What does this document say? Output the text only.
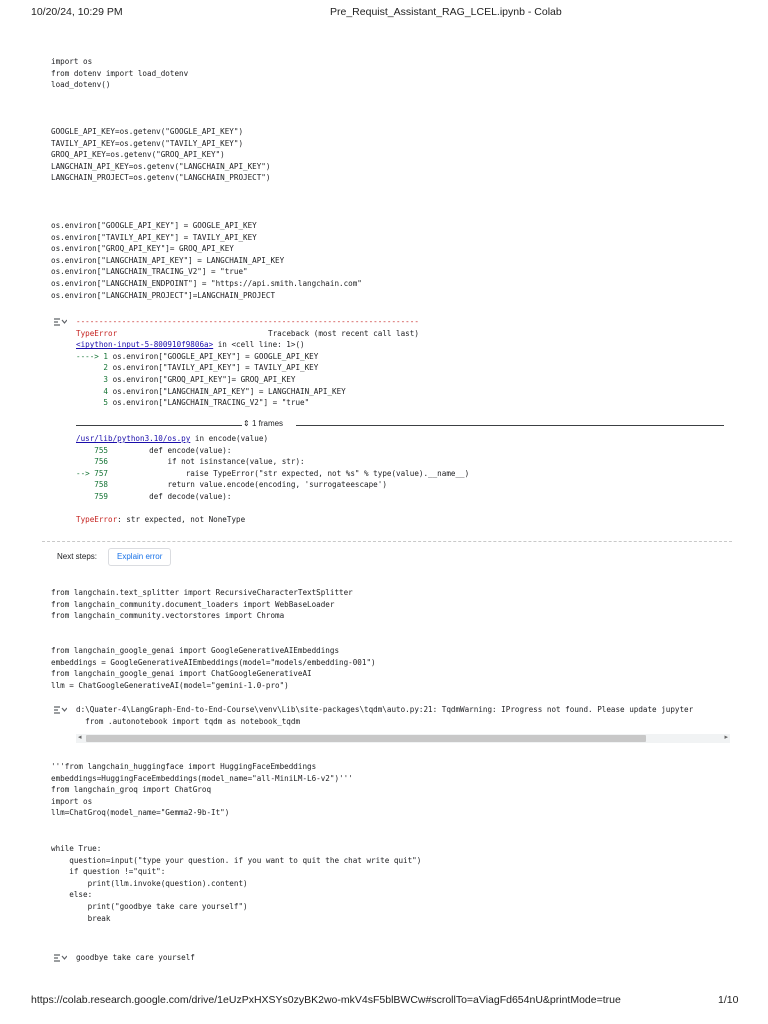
10/20/24, 10:29 PM	Pre_Requist_Assistant_RAG_LCEL.ipynb - Colab
import os
from dotenv import load_dotenv
load_dotenv()
GOOGLE_API_KEY=os.getenv("GOOGLE_API_KEY")
TAVILY_API_KEY=os.getenv("TAVILY_API_KEY")
GROQ_API_KEY=os.getenv("GROQ_API_KEY")
LANGCHAIN_API_KEY=os.getenv("LANGCHAIN_API_KEY")
LANGCHAIN_PROJECT=os.getenv("LANGCHAIN_PROJECT")
os.environ["GOOGLE_API_KEY"] = GOOGLE_API_KEY
os.environ["TAVILY_API_KEY"] = TAVILY_API_KEY
os.environ["GROQ_API_KEY"]= GROQ_API_KEY
os.environ["LANGCHAIN_API_KEY"] = LANGCHAIN_API_KEY
os.environ["LANGCHAIN_TRACING_V2"] = "true"
os.environ["LANGCHAIN_ENDPOINT"] = "https://api.smith.langchain.com"
os.environ["LANGCHAIN_PROJECT"]=LANGCHAIN_PROJECT
---------------------------------------------------------------------------
TypeError	Traceback (most recent call last)
<ipython-input-5-800910f9806a> in <cell line: 1>()
----> 1 os.environ["GOOGLE_API_KEY"] = GOOGLE_API_KEY
2 os.environ["TAVILY_API_KEY"] = TAVILY_API_KEY
3 os.environ["GROQ_API_KEY"]= GROQ_API_KEY
4 os.environ["LANGCHAIN_API_KEY"] = LANGCHAIN_API_KEY
5 os.environ["LANGCHAIN_TRACING_V2"] = "true"
⇕ 1 frames
/usr/lib/python3.10/os.py in encode(value)
755         def encode(value):
756             if not isinstance(value, str):
--> 757                 raise TypeError("str expected, not %s" % type(value).__name__)
758             return value.encode(encoding, 'surrogateescape')
759         def decode(value):

TypeError: str expected, not NoneType
Next steps:	Explain error
from langchain.text_splitter import RecursiveCharacterTextSplitter
from langchain_community.document_loaders import WebBaseLoader
from langchain_community.vectorstores import Chroma
from langchain_google_genai import GoogleGenerativeAIEmbeddings
embeddings = GoogleGenerativeAIEmbeddings(model="models/embedding-001")
from langchain_google_genai import ChatGoogleGenerativeAI
llm = ChatGoogleGenerativeAI(model="gemini-1.0-pro")
d:\Quater-4\LangGraph-End-to-End-Course\venv\Lib\site-packages\tqdm\auto.py:21: TqdmWarning: IProgress not found. Please update jupyter
from .autonotebook import tqdm as notebook_tqdm
◂	▸
'''from langchain_huggingface import HuggingFaceEmbeddings
embeddings=HuggingFaceEmbeddings(model_name="all-MiniLM-L6-v2")'''
from langchain_groq import ChatGroq
import os
llm=ChatGroq(model_name="Gemma2-9b-It")
while True:
question=input("type your question. if you want to quit the chat write quit")
if question !="quit":
print(llm.invoke(question).content)
else:
print("goodbye take care yourself")
break
goodbye take care yourself
https://colab.research.google.com/drive/1eUzPxHXSYs0zyBK2wo-mkV4sF5blBWCw#scrollTo=aViagFd654nU&printMode=true	1/10
